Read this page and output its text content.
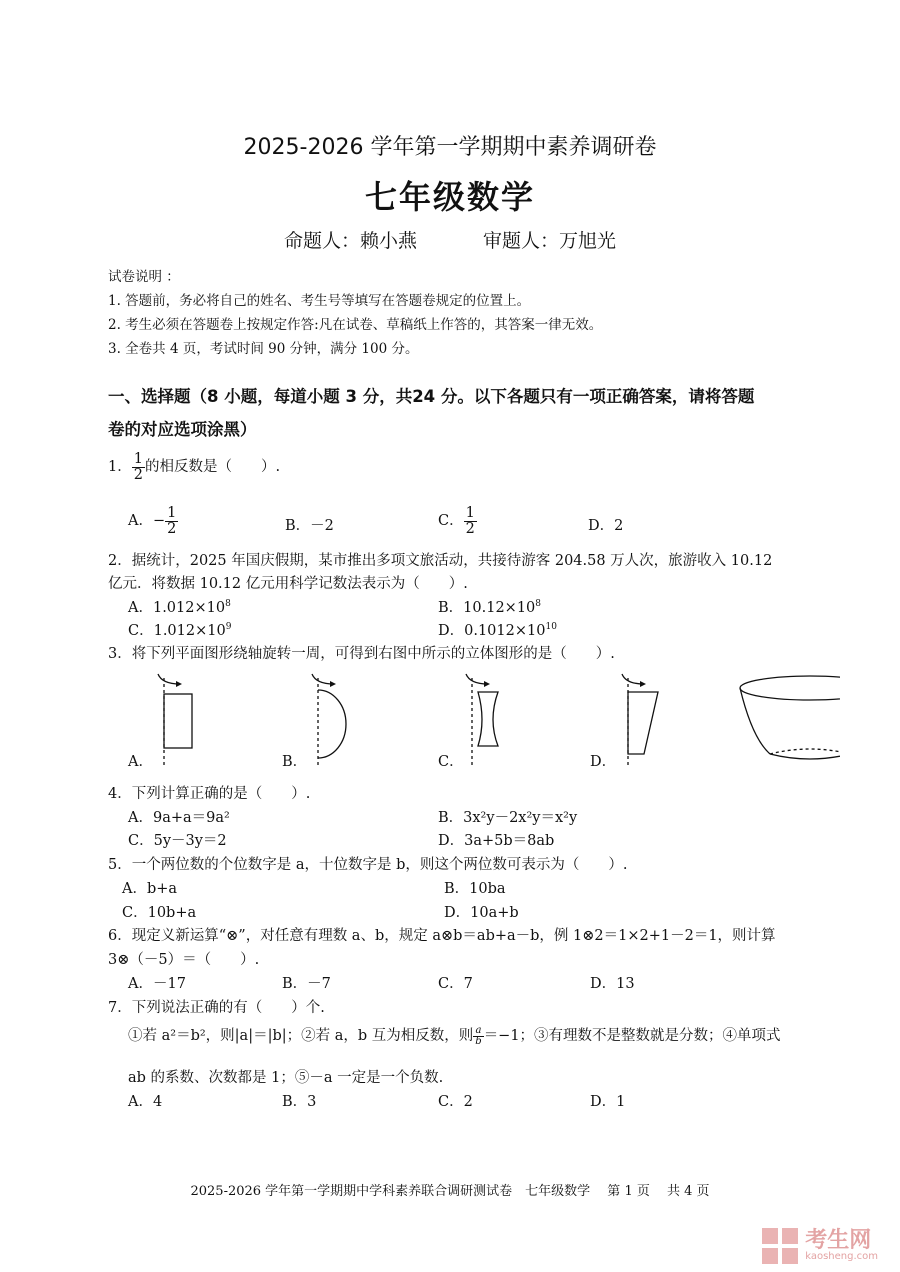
2025-2026 学年第一学期期中素养调研卷
七年级数学
命题人：赖小燕	审题人：万旭光
试卷说明 ：
1. 答题前，务必将自己的姓名、考生号等填写在答题卷规定的位置上。
2. 考生必须在答题卷上按规定作答:凡在试卷、草稿纸上作答的，其答案一律无效。
3. 全卷共 4 页，考试时间 90 分钟，满分 100 分。
一、选择题（8 小题，每道小题 3 分，共24 分。以下各题只有一项正确答案，请将答题
卷的对应选项涂黑）
1． $\frac{1}{2}$ 的相反数是（　　）.
A．− $\frac{1}{2}$	B．－2	C． $\frac{1}{2}$	D．2
2．据统计，2025 年国庆假期，某市推出多项文旅活动，共接待游客 204.58 万人次，旅游收入 10.12
亿元．将数据 10.12 亿元用科学记数法表示为（　　）.
A．$1.012\times 10^8$	B．$10.12\times 10^8$
C．$1.012\times 10^9$	D．$0.1012\times 10^{10}$
3．将下列平面图形绕轴旋转一周，可得到右图中所示的立体图形的是（　　）.
A．	B．	C．	D．
4．下列计算正确的是（　　）.
A．9a+a＝9a²	B．3x²y－2x²y＝x²y
C．5y－3y＝2	D．3a+5b＝8ab
5．一个两位数的个位数字是 a，十位数字是 b，则这个两位数可表示为（　　）.
A．b+a	B．10ba
C．10b+a	D．10a+b
6．现定义新运算“⊗”，对任意有理数 a、b，规定 a⊗b＝ab+a－b，例 1⊗2＝1×2+1－2＝1，则计算
3⊗（－5）＝（　　）.
A．－17	B．－7	C．7	D．13
7．下列说法正确的有（　　）个.
①若 a²＝b²，则|a|＝|b|；②若 a，b 互为相反数，则 $\frac{a}{b} =-1$；③有理数不是整数就是分数；④单项式
ab 的系数、次数都是 1；⑤－a 一定是一个负数.
A．4	B．3	C．2	D．1
2025-2026 学年第一学期期中学科素养联合调研测试卷　七年级数学　 第 1 页　 共 4 页

考生网
kaosheng.com
